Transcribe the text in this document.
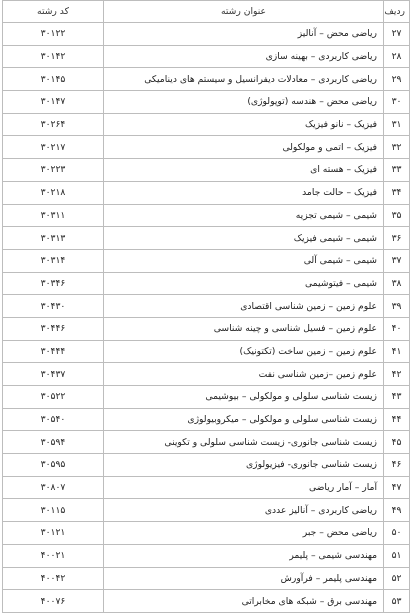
ردیف	عنوان رشته	کد رشته
۲۷	ریاضی محض – آنالیز	۳۰۱۲۲
۲۸	ریاضی کاربردی – بهینه سازی	۳۰۱۴۲
۲۹	ریاضی کاربردی – معادلات دیفرانسیل و سیستم های دینامیکی	۳۰۱۴۵
۳۰	ریاضی محض – هندسه (توپولوژی)	۳۰۱۴۷
۳۱	فیزیک – نانو فیزیک	۳۰۲۶۴
۳۲	فیزیک – اتمی و مولکولی	۳۰۲۱۷
۳۳	فیزیک – هسته ای	۳۰۲۲۳
۳۴	فیزیک – حالت جامد	۳۰۲۱۸
۳۵	شیمی – شیمی تجزیه	۳۰۳۱۱
۳۶	شیمی – شیمی فیزیک	۳۰۳۱۳
۳۷	شیمی – شیمی آلی	۳۰۳۱۴
۳۸	شیمی – فیتوشیمی	۳۰۳۴۶
۳۹	علوم زمین – زمین شناسی اقتصادی	۳۰۴۳۰
۴۰	علوم زمین – فسیل شناسی و چینه شناسی	۳۰۴۴۶
۴۱	علوم زمین – زمین ساخت (تکتونیک)	۳۰۴۴۴
۴۲	علوم زمین –زمین شناسی نفت	۳۰۴۳۷
۴۳	زیست شناسی سلولی و مولکولی – بیوشیمی	۳۰۵۲۲
۴۴	زیست شناسی سلولی و مولکولی – میکروبیولوژی	۳۰۵۴۰
۴۵	زیست شناسی جانوری- زیست شناسی سلولی و تکوینی	۳۰۵۹۴
۴۶	زیست شناسی جانوری- فیزیولوژی	۳۰۵۹۵
۴۷	آمار – آمار ریاضی	۳۰۸۰۷
۴۹	ریاضی کاربردی – آنالیز عددی	۳۰۱۱۵
۵۰	ریاضی محض – جبر	۳۰۱۲۱
۵۱	مهندسی شیمی – پلیمر	۴۰۰۲۱
۵۲	مهندسی پلیمر – فرآورش	۴۰۰۴۲
۵۳	مهندسی برق – شبکه های مخابراتی	۴۰۰۷۶
